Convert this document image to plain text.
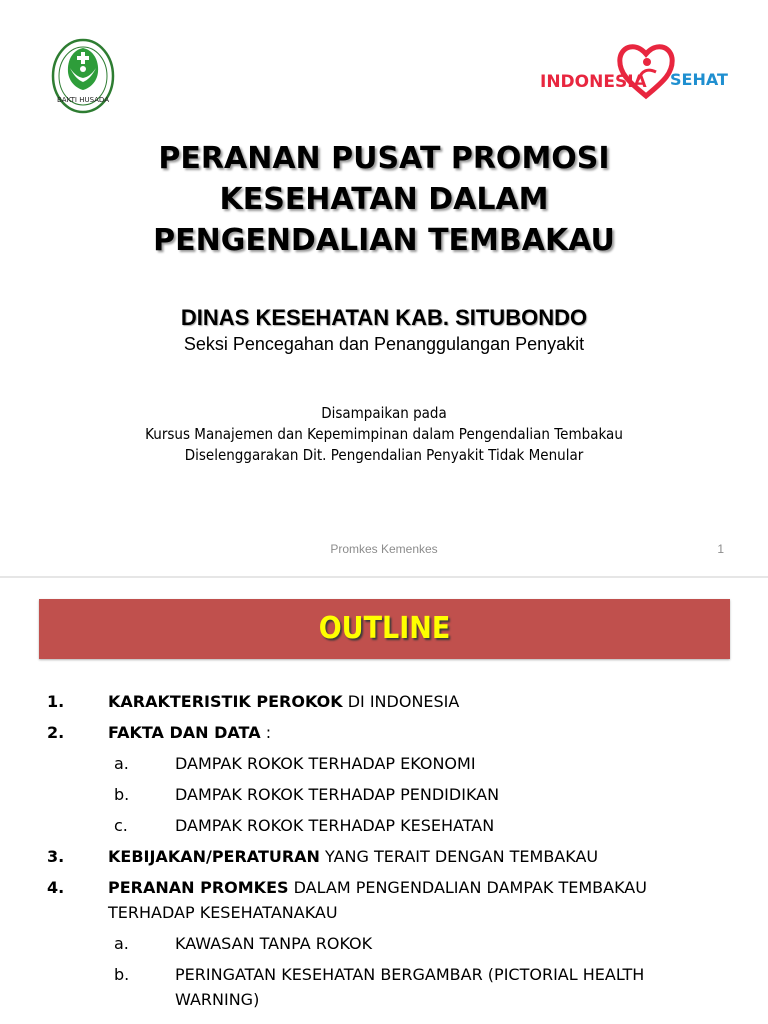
BAKTI HUSADA
INDONESIA SEHAT
PERANAN PUSAT PROMOSI
KESEHATAN DALAM
PENGENDALIAN TEMBAKAU
DINAS KESEHATAN KAB. SITUBONDO
Seksi Pencegahan dan Penanggulangan Penyakit
Disampaikan pada
Kursus Manajemen dan Kepemimpinan dalam Pengendalian Tembakau
Diselenggarakan Dit. Pengendalian Penyakit Tidak Menular
Promkes Kemenkes	1
OUTLINE
1.	KARAKTERISTIK PEROKOK DI INDONESIA
2.	FAKTA DAN DATA :
a.	DAMPAK ROKOK TERHADAP EKONOMI
b.	DAMPAK ROKOK TERHADAP PENDIDIKAN
c.	DAMPAK ROKOK TERHADAP KESEHATAN
3.	KEBIJAKAN/PERATURAN YANG TERAIT DENGAN TEMBAKAU
4.	PERANAN PROMKES DALAM PENGENDALIAN DAMPAK TEMBAKAU
TERHADAP KESEHATANAKAU
a.	KAWASAN TANPA ROKOK
b.	PERINGATAN KESEHATAN BERGAMBAR (PICTORIAL HEALTH
WARNING)
